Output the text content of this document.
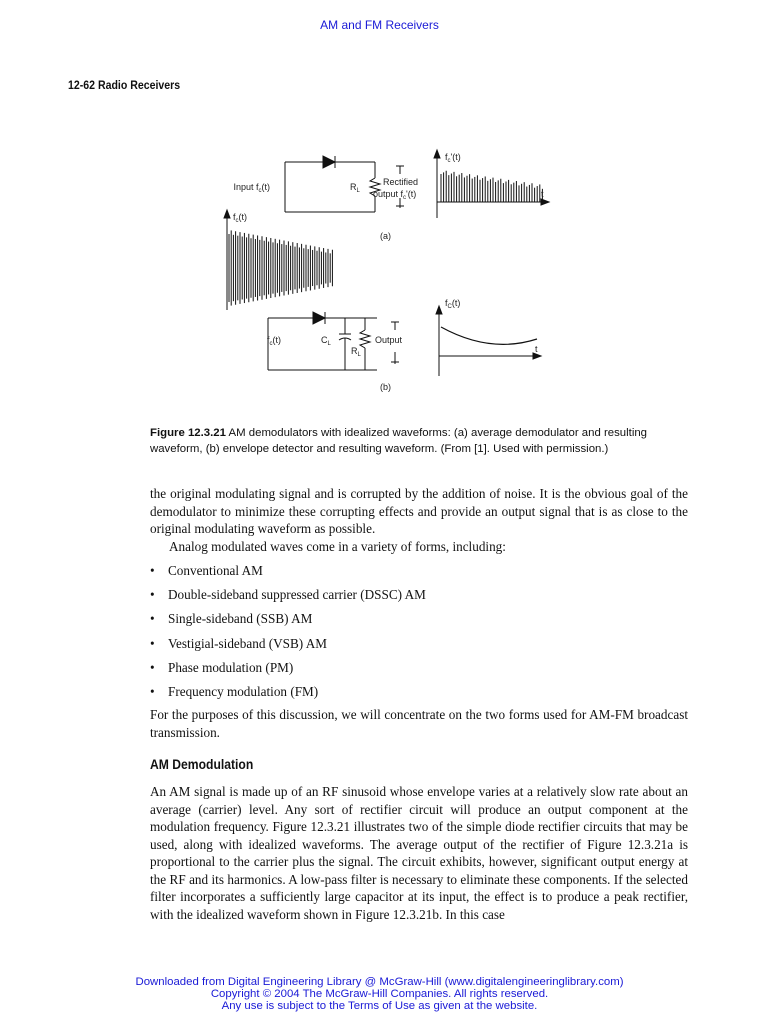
AM and FM Receivers
12-62 Radio Receivers
Input $f_c(t)$	$R_L$
Rectified
output $f_c'(t)$
$f_c(t)$
$f_c'(t)$
t
(a)
$f_C(t)$
$f_c(t)$	$C_L$
$R_L$
Output
t
(b)
Figure 12.3.21 AM demodulators with idealized waveforms: (a) average demodulator and resulting waveform, (b) envelope detector and resulting waveform. (From [1]. Used with permission.)
the original modulating signal and is corrupted by the addition of noise. It is the obvious goal of the demodulator to minimize these corrupting effects and provide an output signal that is as close to the original modulating waveform as possible.
Analog modulated waves come in a variety of forms, including:
• Conventional AM
• Double-sideband suppressed carrier (DSSC) AM
• Single-sideband (SSB) AM
• Vestigial-sideband (VSB) AM
• Phase modulation (PM)
• Frequency modulation (FM)
For the purposes of this discussion, we will concentrate on the two forms used for AM-FM broadcast transmission.
AM Demodulation
An AM signal is made up of an RF sinusoid whose envelope varies at a relatively slow rate about an average (carrier) level. Any sort of rectifier circuit will produce an output component at the modulation frequency. Figure 12.3.21 illustrates two of the simple diode rectifier circuits that may be used, along with idealized waveforms. The average output of the rectifier of Figure 12.3.21a is proportional to the carrier plus the signal. The circuit exhibits, however, significant output energy at the RF and its harmonics. A low-pass filter is necessary to eliminate these components. If the selected filter incorporates a sufficiently large capacitor at its input, the effect is to produce a peak rectifier, with the idealized waveform shown in Figure 12.3.21b. In this case
Downloaded from Digital Engineering Library @ McGraw-Hill (www.digitalengineeringlibrary.com)
Copyright © 2004 The McGraw-Hill Companies. All rights reserved.
Any use is subject to the Terms of Use as given at the website.
